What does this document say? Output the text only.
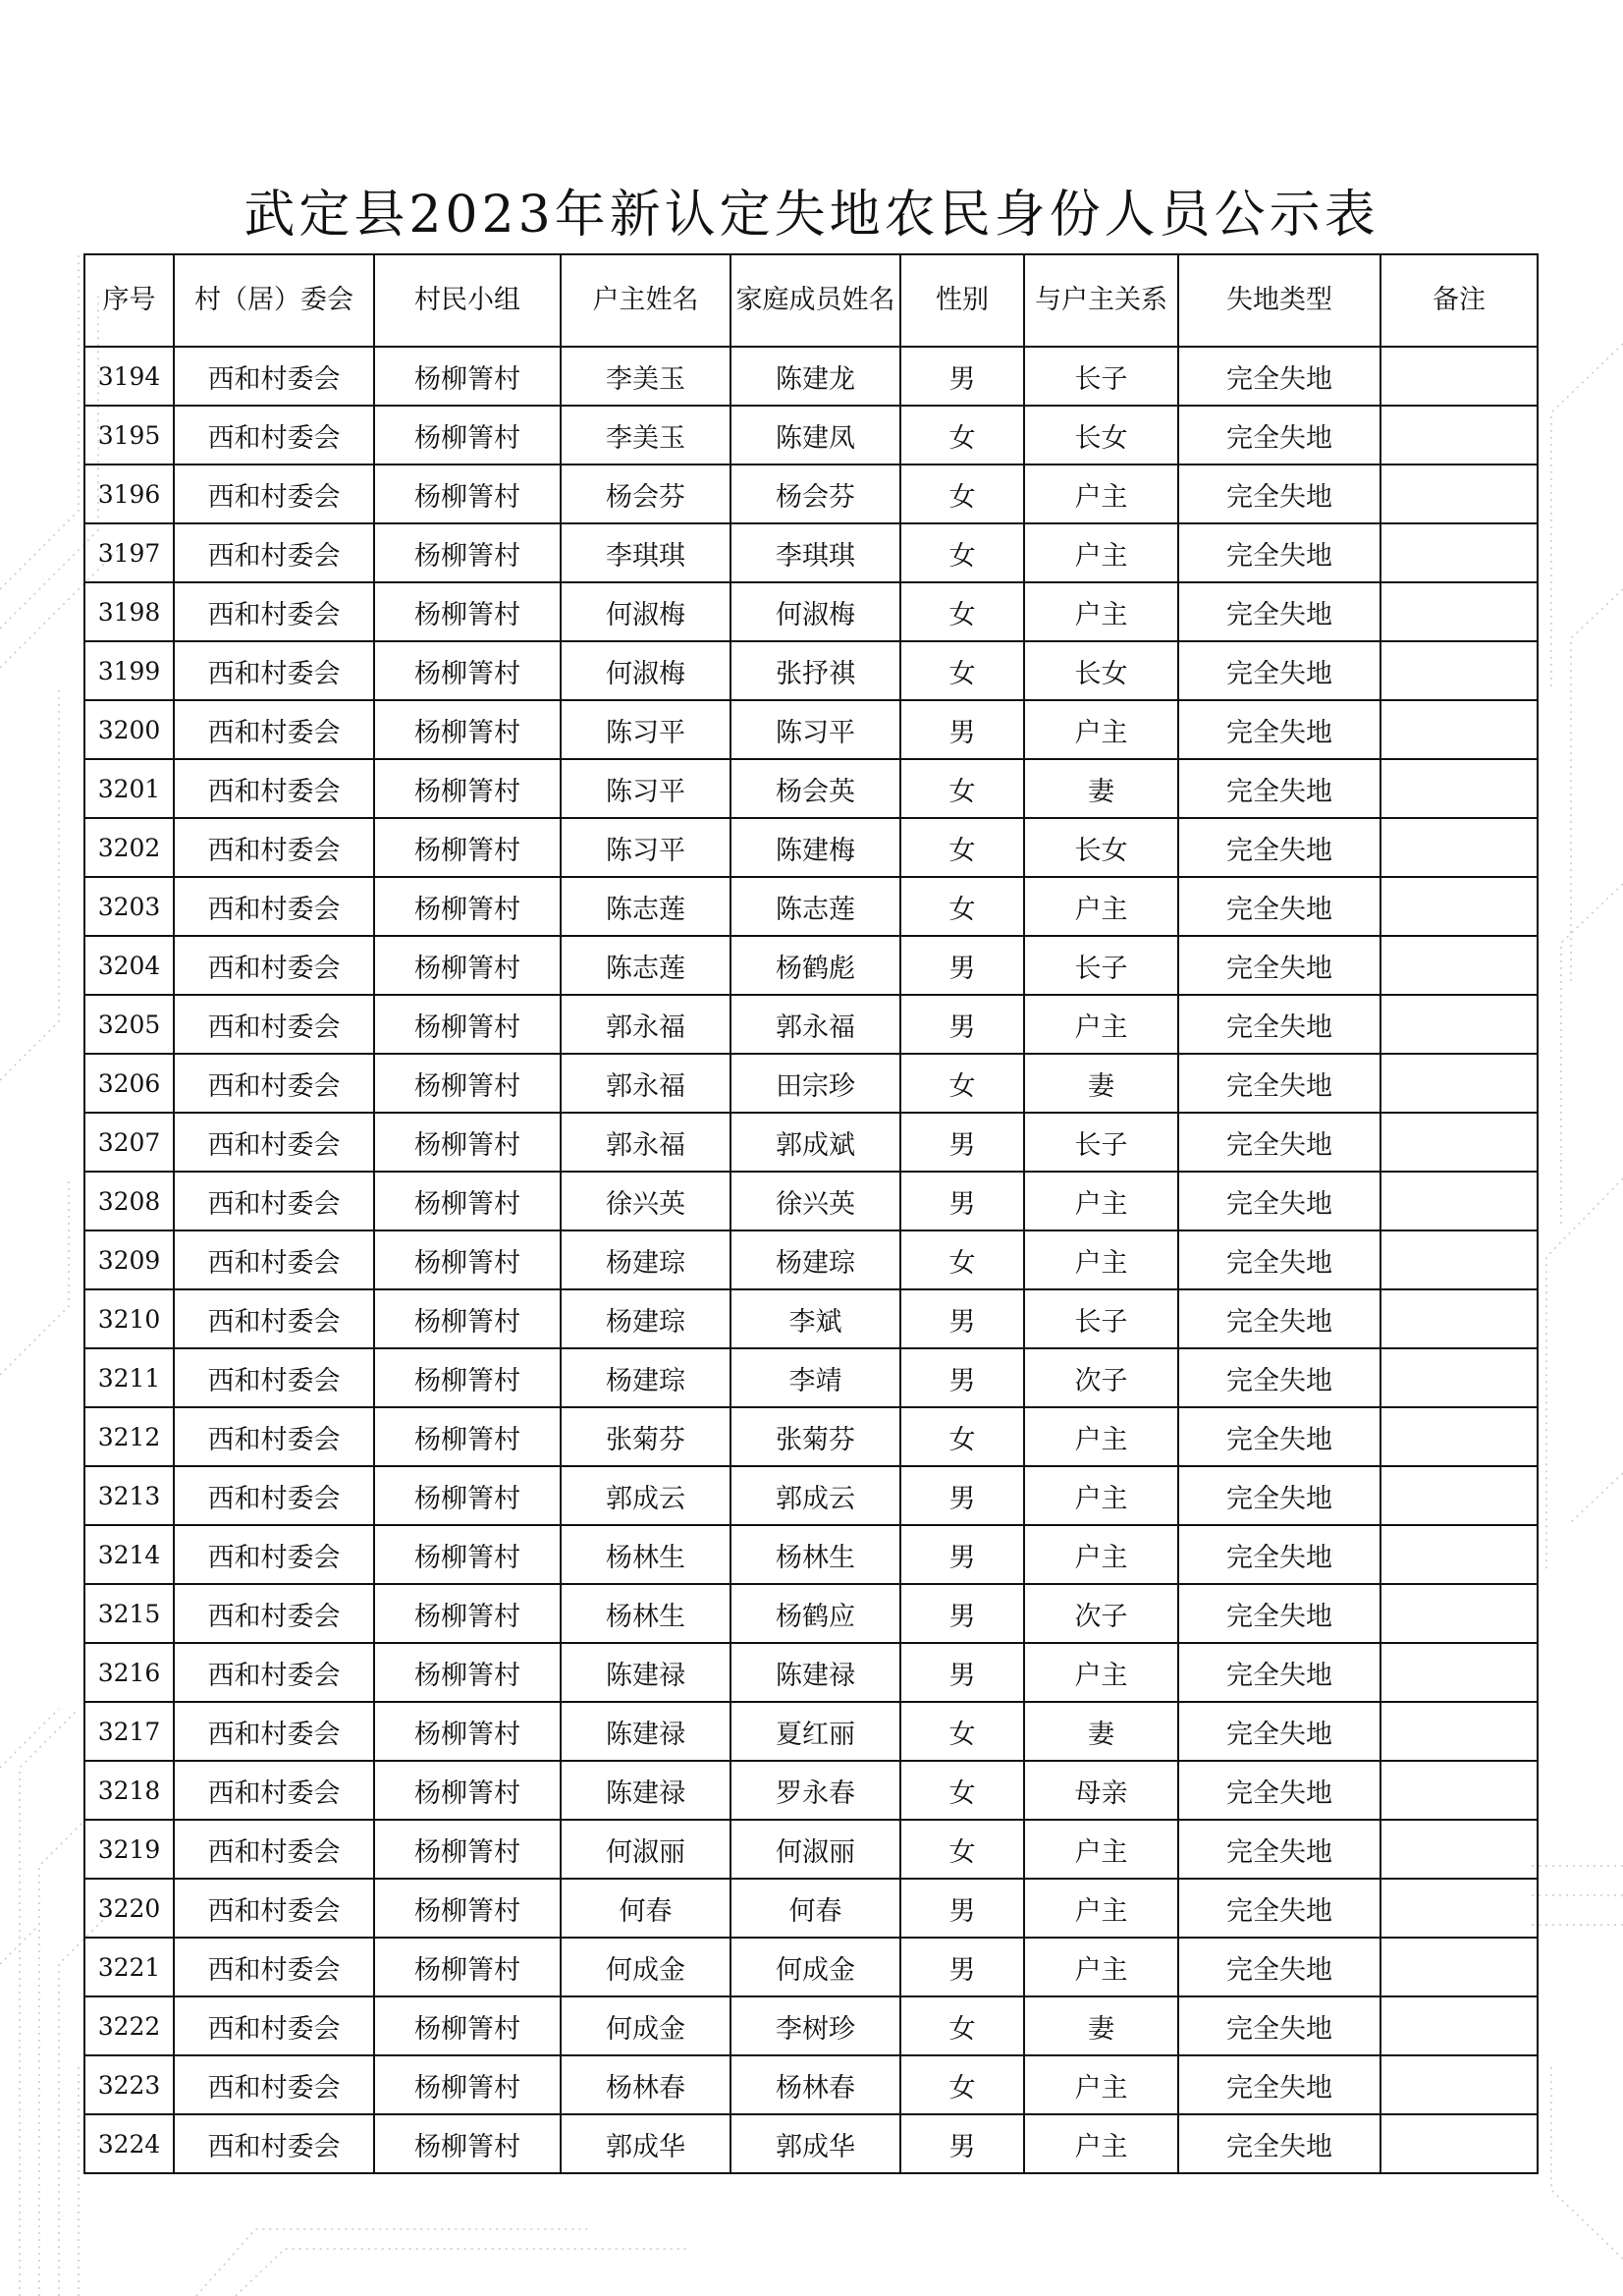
武定县2023年新认定失地农民身份人员公示表
序号	村（居）委会	村民小组	户主姓名	家庭成员姓名	性别	与户主关系	失地类型	备注
3194	西和村委会	杨柳箐村	李美玉	陈建龙	男	长子	完全失地	
3195	西和村委会	杨柳箐村	李美玉	陈建凤	女	长女	完全失地	
3196	西和村委会	杨柳箐村	杨会芬	杨会芬	女	户主	完全失地	
3197	西和村委会	杨柳箐村	李琪琪	李琪琪	女	户主	完全失地	
3198	西和村委会	杨柳箐村	何淑梅	何淑梅	女	户主	完全失地	
3199	西和村委会	杨柳箐村	何淑梅	张抒祺	女	长女	完全失地	
3200	西和村委会	杨柳箐村	陈习平	陈习平	男	户主	完全失地	
3201	西和村委会	杨柳箐村	陈习平	杨会英	女	妻	完全失地	
3202	西和村委会	杨柳箐村	陈习平	陈建梅	女	长女	完全失地	
3203	西和村委会	杨柳箐村	陈志莲	陈志莲	女	户主	完全失地	
3204	西和村委会	杨柳箐村	陈志莲	杨鹤彪	男	长子	完全失地	
3205	西和村委会	杨柳箐村	郭永福	郭永福	男	户主	完全失地	
3206	西和村委会	杨柳箐村	郭永福	田宗珍	女	妻	完全失地	
3207	西和村委会	杨柳箐村	郭永福	郭成斌	男	长子	完全失地	
3208	西和村委会	杨柳箐村	徐兴英	徐兴英	男	户主	完全失地	
3209	西和村委会	杨柳箐村	杨建琮	杨建琮	女	户主	完全失地	
3210	西和村委会	杨柳箐村	杨建琮	李斌	男	长子	完全失地	
3211	西和村委会	杨柳箐村	杨建琮	李靖	男	次子	完全失地	
3212	西和村委会	杨柳箐村	张菊芬	张菊芬	女	户主	完全失地	
3213	西和村委会	杨柳箐村	郭成云	郭成云	男	户主	完全失地	
3214	西和村委会	杨柳箐村	杨林生	杨林生	男	户主	完全失地	
3215	西和村委会	杨柳箐村	杨林生	杨鹤应	男	次子	完全失地	
3216	西和村委会	杨柳箐村	陈建禄	陈建禄	男	户主	完全失地	
3217	西和村委会	杨柳箐村	陈建禄	夏红丽	女	妻	完全失地	
3218	西和村委会	杨柳箐村	陈建禄	罗永春	女	母亲	完全失地	
3219	西和村委会	杨柳箐村	何淑丽	何淑丽	女	户主	完全失地	
3220	西和村委会	杨柳箐村	何春	何春	男	户主	完全失地	
3221	西和村委会	杨柳箐村	何成金	何成金	男	户主	完全失地	
3222	西和村委会	杨柳箐村	何成金	李树珍	女	妻	完全失地	
3223	西和村委会	杨柳箐村	杨林春	杨林春	女	户主	完全失地	
3224	西和村委会	杨柳箐村	郭成华	郭成华	男	户主	完全失地	
